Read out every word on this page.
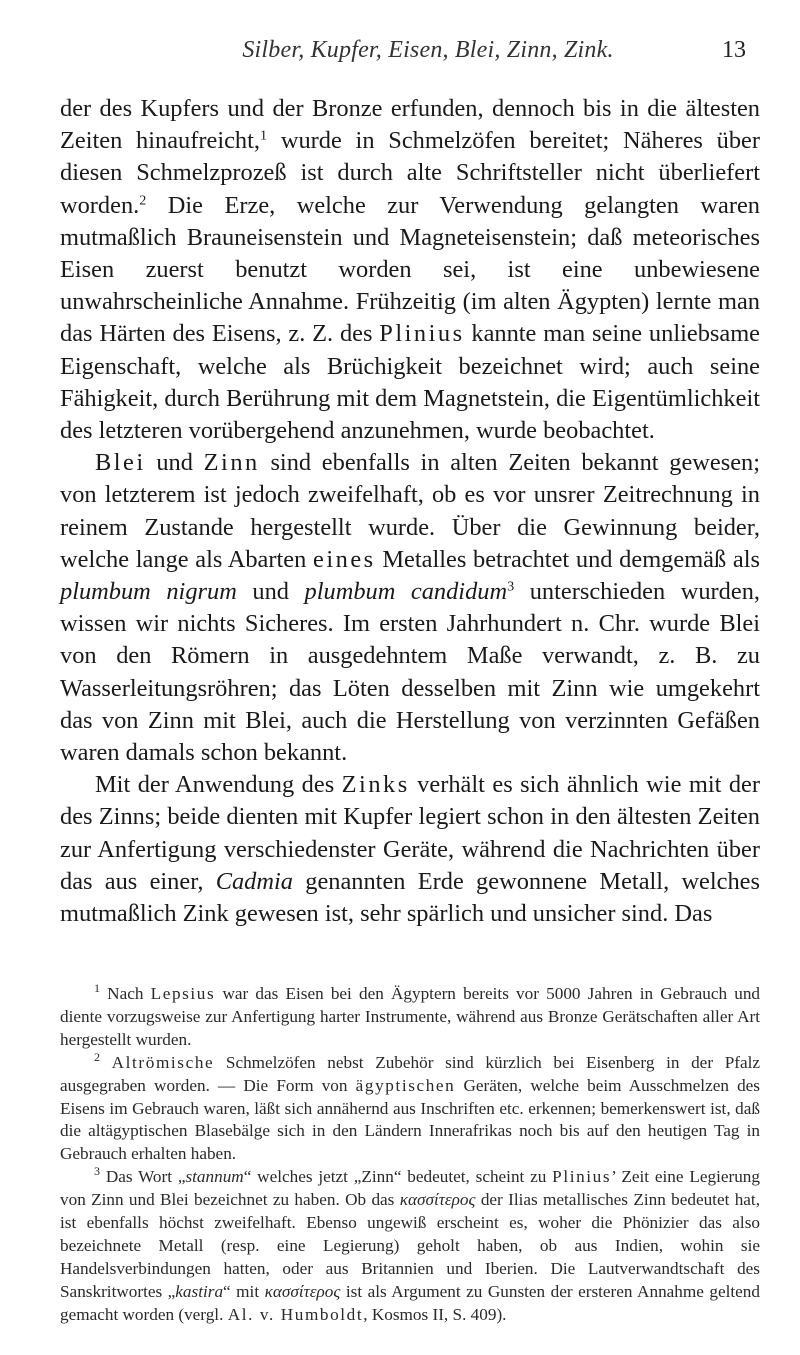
Silber, Kupfer, Eisen, Blei, Zinn, Zink.	13

der des Kupfers und der Bronze erfunden, dennoch bis in die ältesten Zeiten hinaufreicht,$^1$ wurde in Schmelzöfen bereitet; Näheres über diesen Schmelzprozeß ist durch alte Schriftsteller nicht überliefert worden.$^2$ Die Erze, welche zur Verwendung gelangten waren mutmaßlich Brauneisenstein und Magneteisenstein; daß meteorisches Eisen zuerst benutzt worden sei, ist eine unbewiesene unwahrscheinliche Annahme. Frühzeitig (im alten Ägypten) lernte man das Härten des Eisens, z. Z. des Plinius kannte man seine unliebsame Eigenschaft, welche als Brüchigkeit bezeichnet wird; auch seine Fähigkeit, durch Berührung mit dem Magnetstein, die Eigentümlichkeit des letzteren vorübergehend anzunehmen, wurde beobachtet.

Blei und Zinn sind ebenfalls in alten Zeiten bekannt gewesen; von letzterem ist jedoch zweifelhaft, ob es vor unsrer Zeitrechnung in reinem Zustande hergestellt wurde. Über die Gewinnung beider, welche lange als Abarten eines Metalles betrachtet und demgemäß als plumbum nigrum und plumbum candidum$^3$ unterschieden wurden, wissen wir nichts Sicheres. Im ersten Jahrhundert n. Chr. wurde Blei von den Römern in ausgedehntem Maße verwandt, z. B. zu Wasserleitungsröhren; das Löten desselben mit Zinn wie umgekehrt das von Zinn mit Blei, auch die Herstellung von verzinnten Gefäßen waren damals schon bekannt.

Mit der Anwendung des Zinks verhält es sich ähnlich wie mit der des Zinns; beide dienten mit Kupfer legiert schon in den ältesten Zeiten zur Anfertigung verschiedenster Geräte, während die Nachrichten über das aus einer, Cadmia genannten Erde gewonnene Metall, welches mutmaßlich Zink gewesen ist, sehr spärlich und unsicher sind. Das

$^1$ Nach Lepsius war das Eisen bei den Ägyptern bereits vor 5000 Jahren in Gebrauch und diente vorzugsweise zur Anfertigung harter Instrumente, während aus Bronze Gerätschaften aller Art hergestellt wurden.

$^2$ Altrömische Schmelzöfen nebst Zubehör sind kürzlich bei Eisenberg in der Pfalz ausgegraben worden. — Die Form von ägyptischen Geräten, welche beim Ausschmelzen des Eisens im Gebrauch waren, läßt sich annähernd aus Inschriften etc. erkennen; bemerkenswert ist, daß die altägyptischen Blasebälge sich in den Ländern Innerafrikas noch bis auf den heutigen Tag in Gebrauch erhalten haben.

$^3$ Das Wort „stannum“ welches jetzt „Zinn“ bedeutet, scheint zu Plinius’ Zeit eine Legierung von Zinn und Blei bezeichnet zu haben. Ob das κασσίτερος der Ilias metallisches Zinn bedeutet hat, ist ebenfalls höchst zweifelhaft. Ebenso ungewiß erscheint es, woher die Phönizier das also bezeichnete Metall (resp. eine Legierung) geholt haben, ob aus Indien, wohin sie Handelsverbindungen hatten, oder aus Britannien und Iberien. Die Lautverwandtschaft des Sanskritwortes „kastira“ mit κασσίτερος ist als Argument zu Gunsten der ersteren Annahme geltend gemacht worden (vergl. Al. v. Humboldt, Kosmos II, S. 409).
